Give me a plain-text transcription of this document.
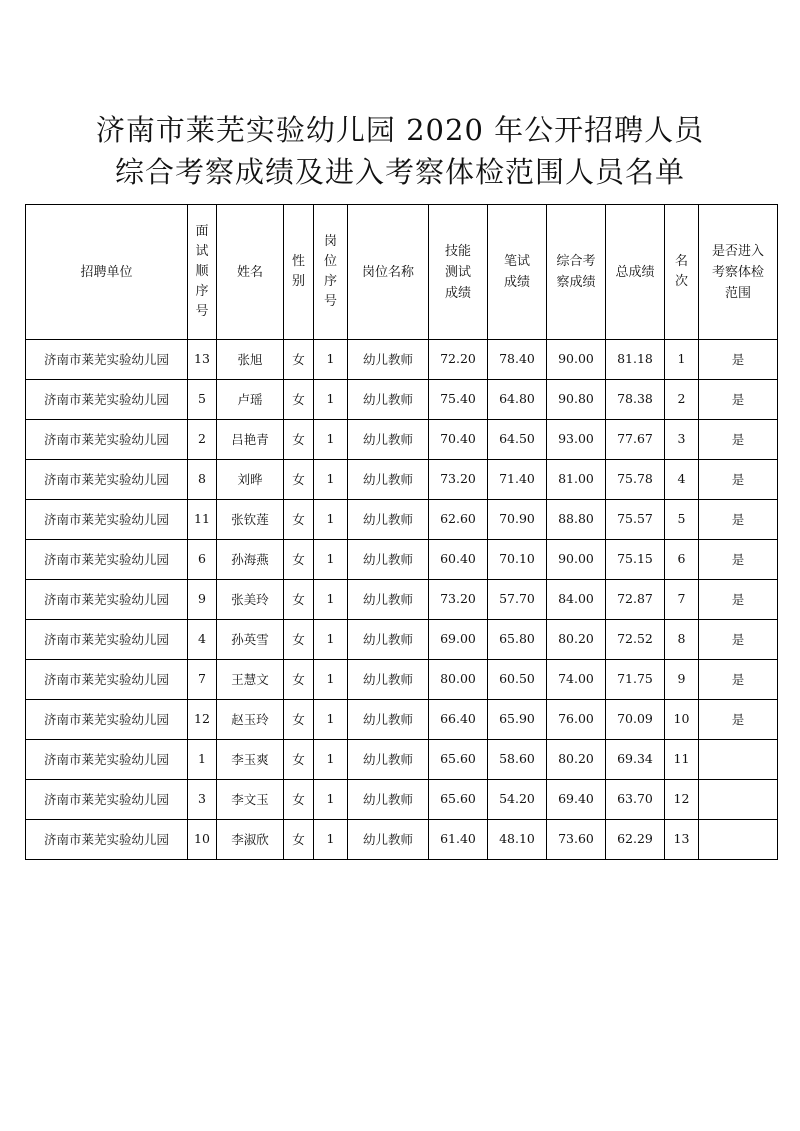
济南市莱芜实验幼儿园 2020 年公开招聘人员
综合考察成绩及进入考察体检范围人员名单
招聘单位	面
试
顺
序
号	姓名	性
别	岗
位
序
号	岗位名称	技能
测试
成绩	笔试
成绩	综合考
察成绩	总成绩	名
次	是否进入
考察体检
范围

济南市莱芜实验幼儿园	13	张旭	女	1	幼儿教师	72.20	78.40	90.00	81.18	1	是
济南市莱芜实验幼儿园	5	卢瑶	女	1	幼儿教师	75.40	64.80	90.80	78.38	2	是
济南市莱芜实验幼儿园	2	吕艳青	女	1	幼儿教师	70.40	64.50	93.00	77.67	3	是
济南市莱芜实验幼儿园	8	刘晔	女	1	幼儿教师	73.20	71.40	81.00	75.78	4	是
济南市莱芜实验幼儿园	11	张钦莲	女	1	幼儿教师	62.60	70.90	88.80	75.57	5	是
济南市莱芜实验幼儿园	6	孙海燕	女	1	幼儿教师	60.40	70.10	90.00	75.15	6	是
济南市莱芜实验幼儿园	9	张美玲	女	1	幼儿教师	73.20	57.70	84.00	72.87	7	是
济南市莱芜实验幼儿园	4	孙英雪	女	1	幼儿教师	69.00	65.80	80.20	72.52	8	是
济南市莱芜实验幼儿园	7	王慧文	女	1	幼儿教师	80.00	60.50	74.00	71.75	9	是
济南市莱芜实验幼儿园	12	赵玉玲	女	1	幼儿教师	66.40	65.90	76.00	70.09	10	是
济南市莱芜实验幼儿园	1	李玉爽	女	1	幼儿教师	65.60	58.60	80.20	69.34	11	
济南市莱芜实验幼儿园	3	李文玉	女	1	幼儿教师	65.60	54.20	69.40	63.70	12	
济南市莱芜实验幼儿园	10	李淑欣	女	1	幼儿教师	61.40	48.10	73.60	62.29	13	
